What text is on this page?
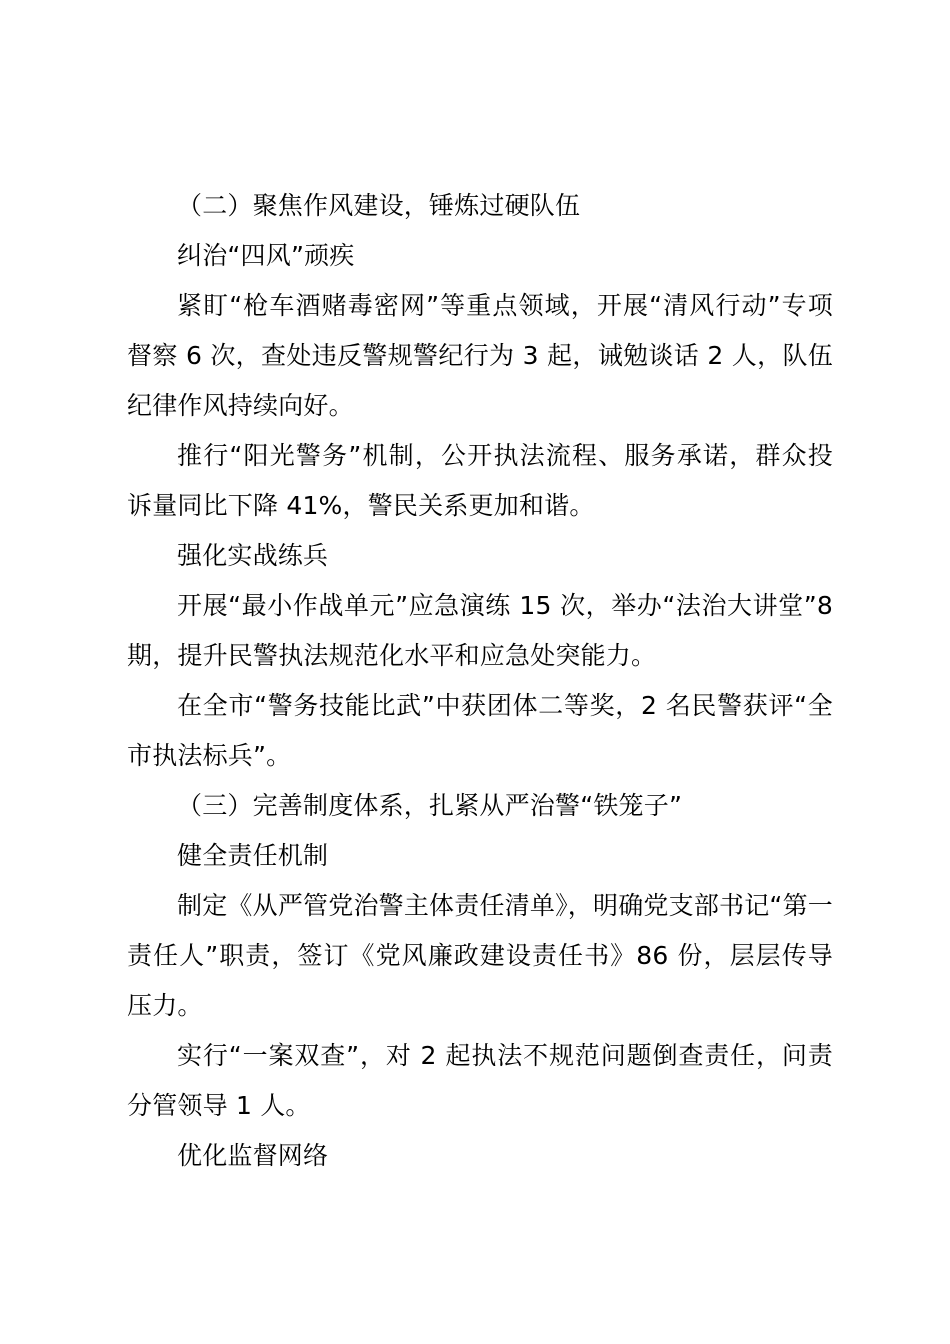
（二）聚焦作风建设，锤炼过硬队伍

纠治“四风”顽疾

紧盯“枪车酒赌毒密网”等重点领域，开展“清风行动”专项督察 6 次，查处违反警规警纪行为 3 起，诫勉谈话 2 人，队伍纪律作风持续向好。

推行“阳光警务”机制，公开执法流程、服务承诺，群众投诉量同比下降 41%，警民关系更加和谐。

强化实战练兵

开展“最小作战单元”应急演练 15 次，举办“法治大讲堂”8 期，提升民警执法规范化水平和应急处突能力。

在全市“警务技能比武”中获团体二等奖，2 名民警获评“全市执法标兵”。

（三）完善制度体系，扎紧从严治警“铁笼子”

健全责任机制

制定《从严管党治警主体责任清单》，明确党支部书记“第一责任人”职责，签订《党风廉政建设责任书》86 份，层层传导压力。

实行“一案双查”，对 2 起执法不规范问题倒查责任，问责分管领导 1 人。

优化监督网络
